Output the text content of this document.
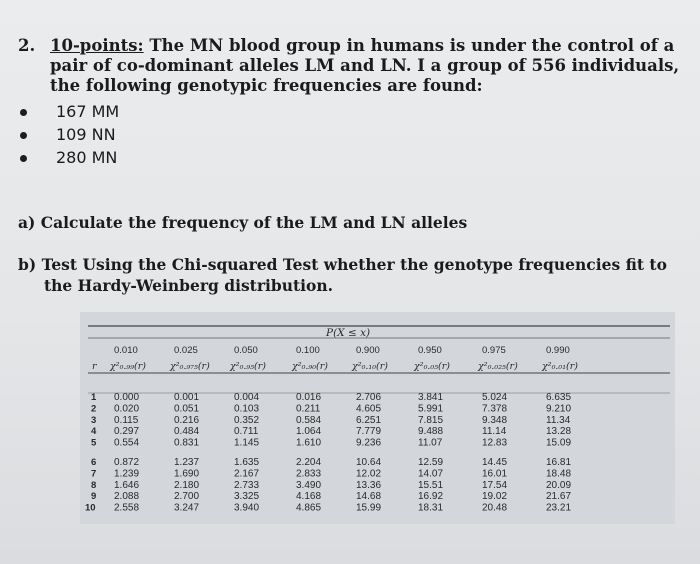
2. 10-points: The MN blood group in humans is under the control of a pair of co-dominant alleles LM and LN. I a group of 556 individuals, the following genotypic frequencies are found:
167 MM
109 NN
280 MN
a) Calculate the frequency of the LM and LN alleles
b) Test Using the Chi-squared Test whether the genotype frequencies fit to
the Hardy-Weinberg distribution.
P(X ≤ x)
0.010	0.025	0.050	0.100	0.900	0.950	0.975	0.990
r χ²₀.₉₉(r)	χ²₀.₉₇₅(r) χ²₀.₉₅(r)	χ²₀.₉₀(r)	χ²₀.₁₀(r)	χ²₀.₀₅(r)	χ²₀.₀₂₅(r)	χ²₀.₀₁(r)
1 0.000	0.001	0.004	0.016	2.706	3.841	5.024	6.635
2 0.020	0.051	0.103	0.211	4.605	5.991	7.378	9.210
3 0.115	0.216	0.352	0.584	6.251	7.815	9.348	11.34
4 0.297	0.484	0.711	1.064	7.779	9.488	11.14	13.28
5 0.554	0.831	1.145	1.610	9.236	11.07	12.83	15.09
6 0.872	1.237	1.635	2.204	10.64	12.59	14.45	16.81
7 1.239	1.690	2.167	2.833	12.02	14.07	16.01	18.48
8 1.646	2.180	2.733	3.490	13.36	15.51	17.54	20.09
9 2.088	2.700	3.325	4.168	14.68	16.92	19.02	21.67
10 2.558	3.247	3.940	4.865	15.99	18.31	20.48	23.21
